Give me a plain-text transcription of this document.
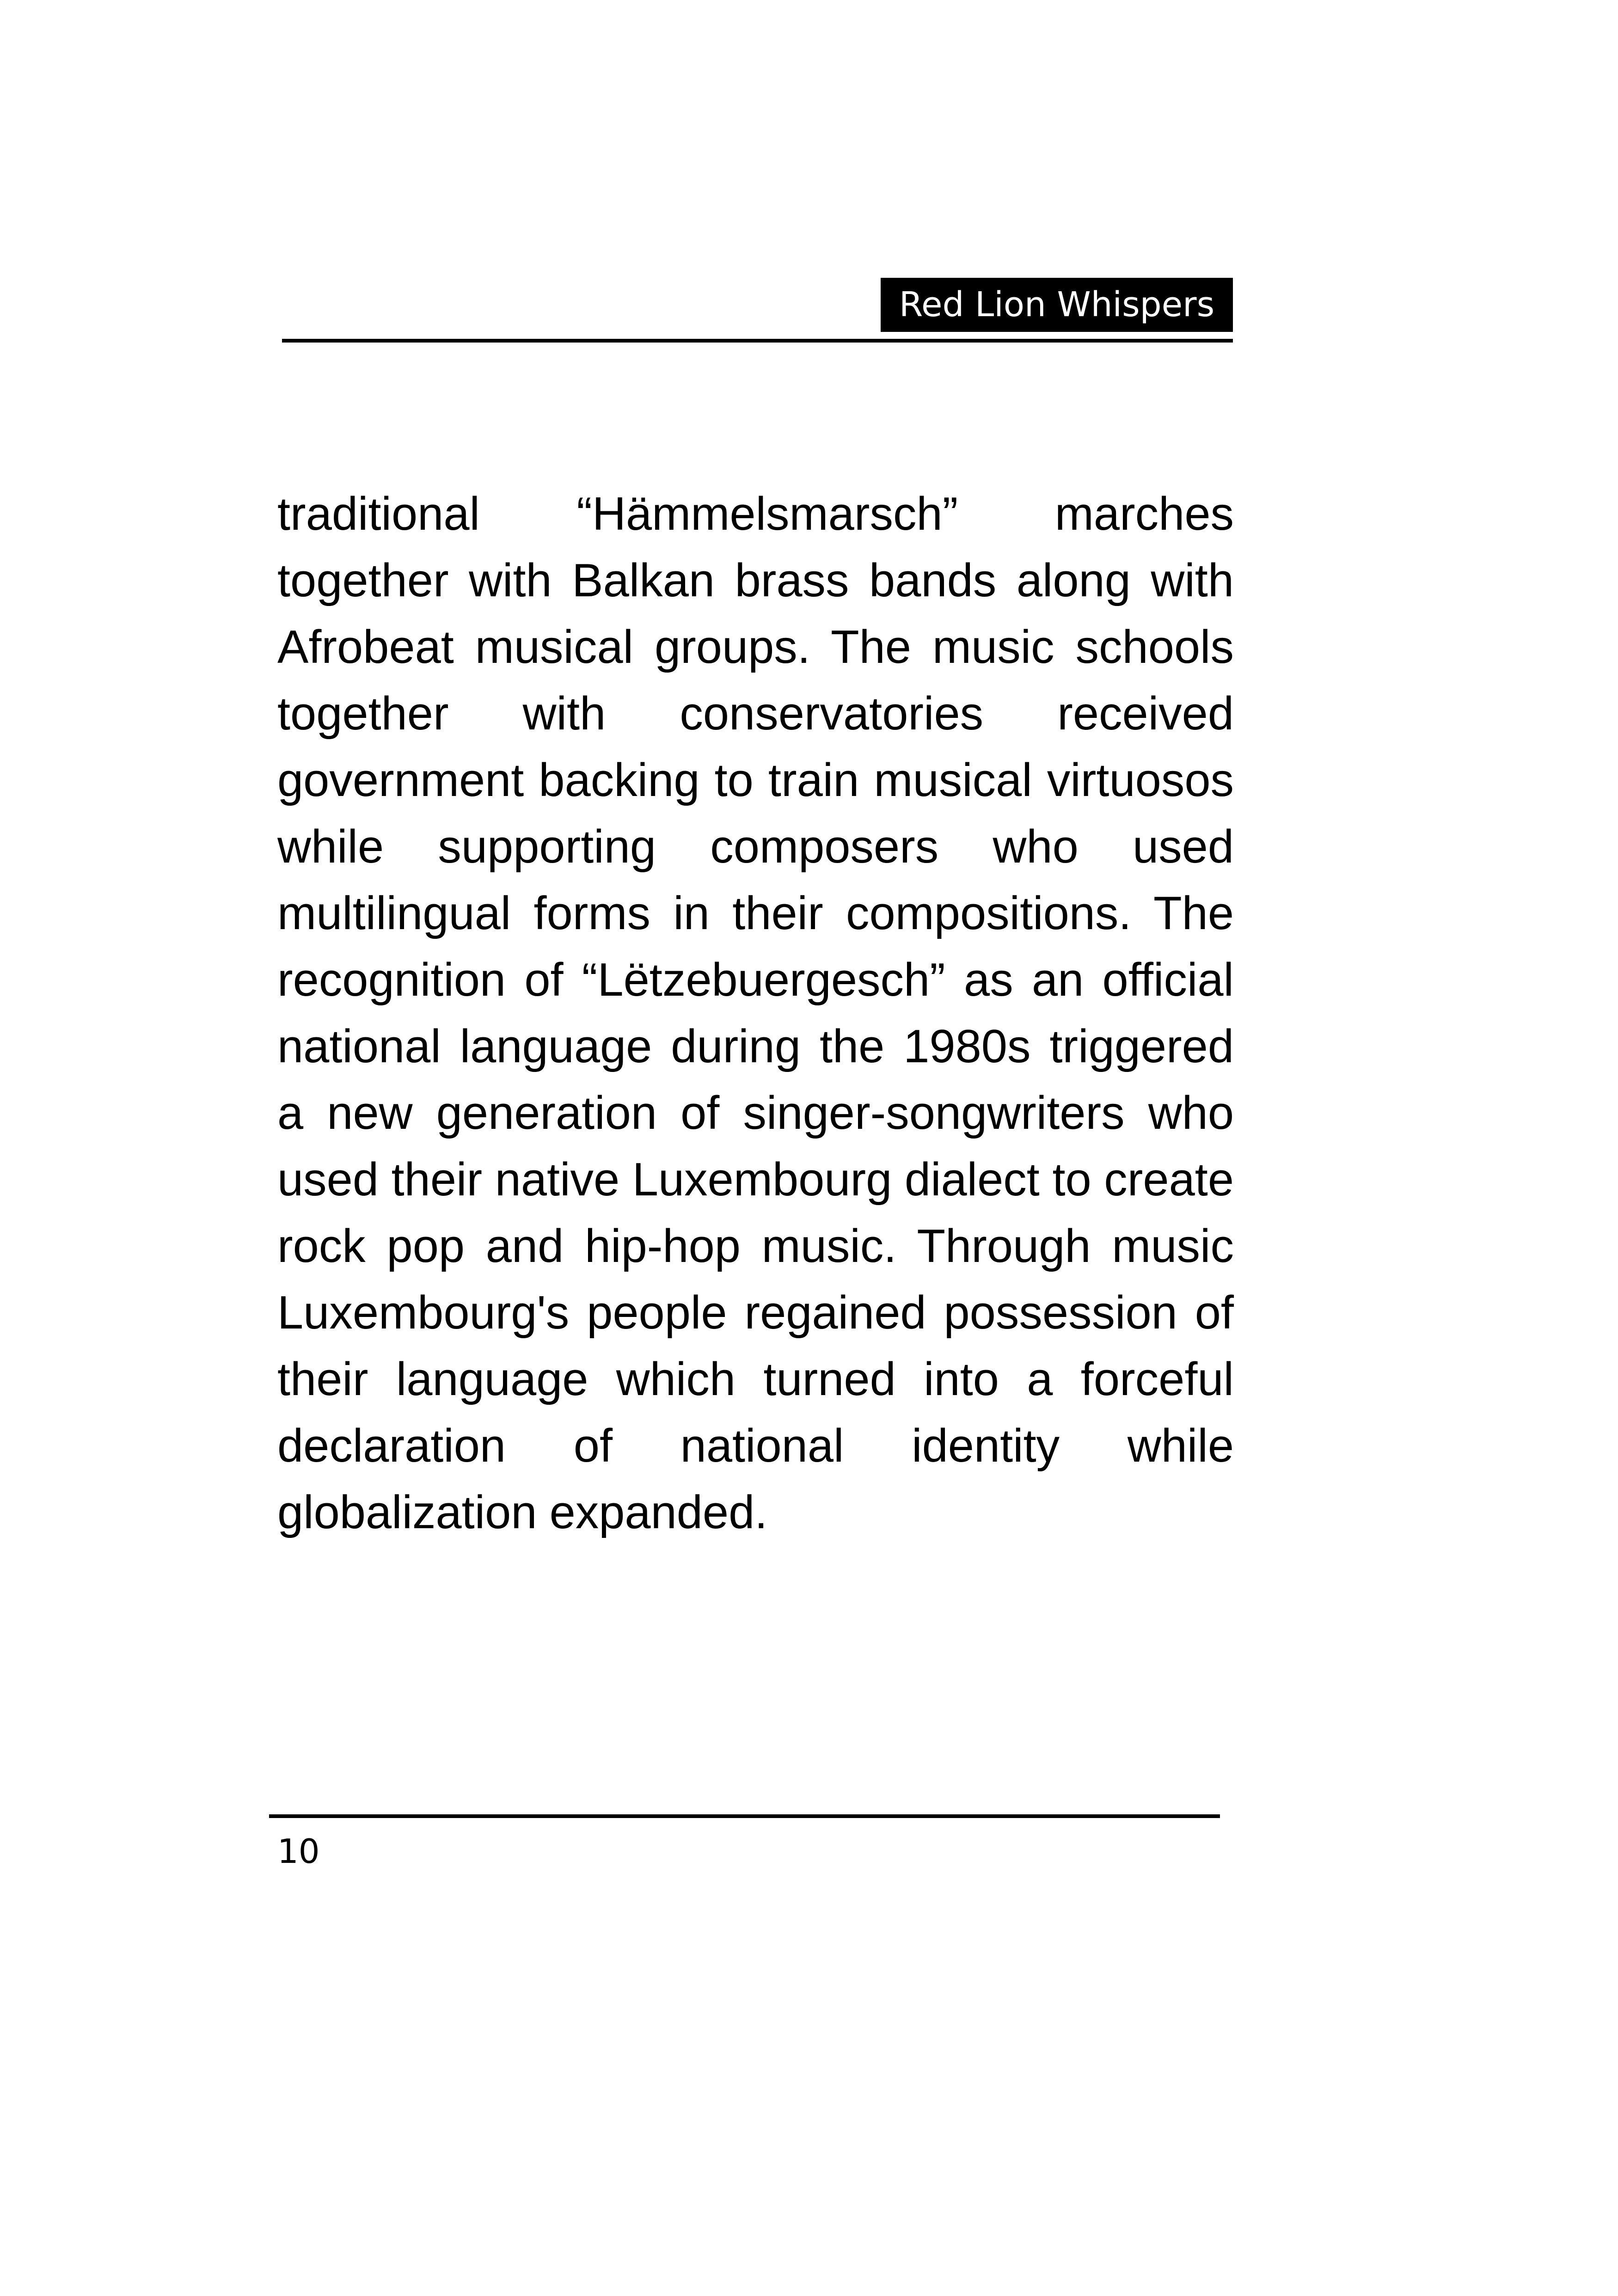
Red Lion Whispers

traditional “Hämmelsmarsch” marches together with Balkan brass bands along with Afrobeat musical groups. The music schools together with conservatories received government backing to train musical virtuosos while supporting composers who used multilingual forms in their compositions. The recognition of “Lëtzebuergesch” as an official national language during the 1980s triggered a new generation of singer-songwriters who used their native Luxembourg dialect to create rock pop and hip-hop music. Through music Luxembourg's people regained possession of their language which turned into a forceful declaration of national identity while globalization expanded.

10
